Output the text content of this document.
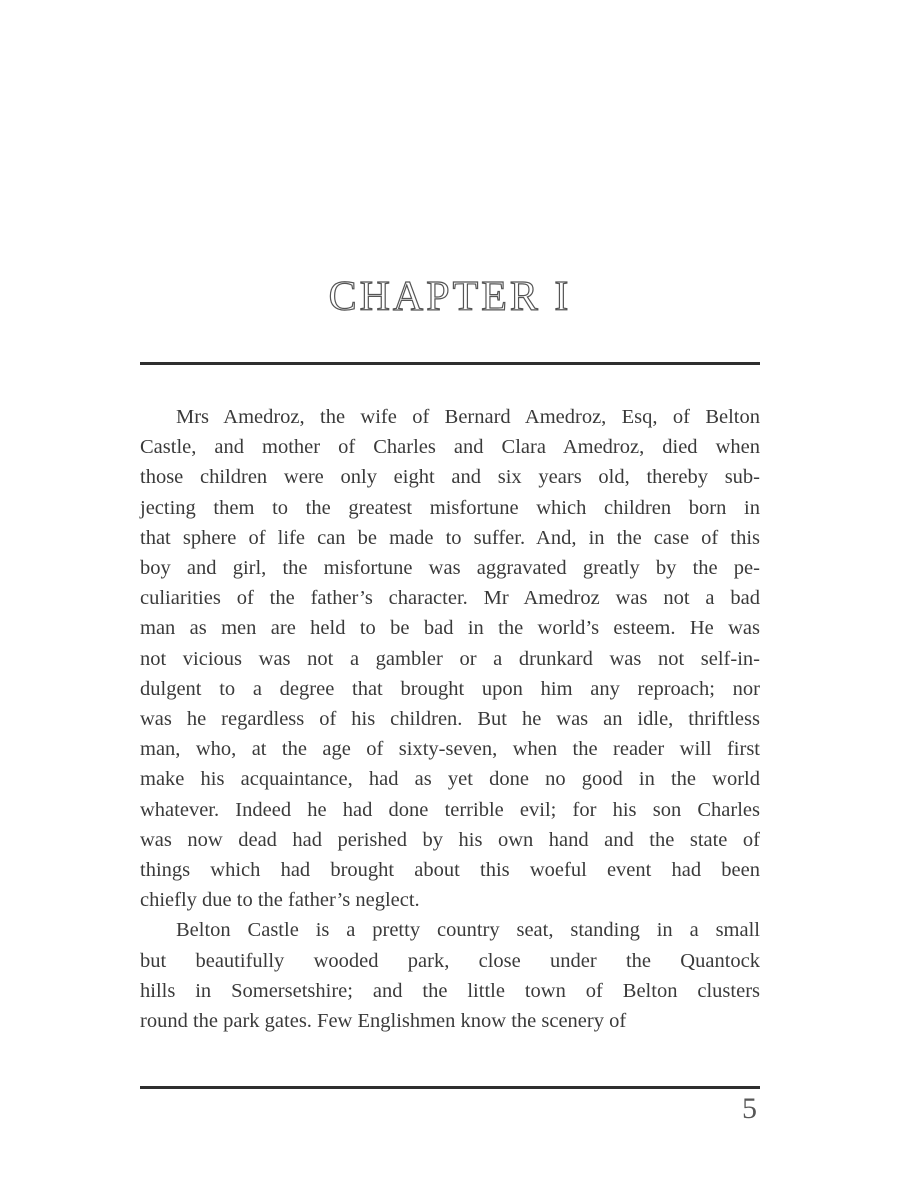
CHAPTER I
Mrs Amedroz, the wife of Bernard Amedroz, Esq, of Belton
Castle, and mother of Charles and Clara Amedroz, died when
those children were only eight and six years old, thereby sub-
jecting them to the greatest misfortune which children born in
that sphere of life can be made to suffer. And, in the case of this
boy and girl, the misfortune was aggravated greatly by the pe-
culiarities of the father’s character. Mr Amedroz was not a bad
man as men are held to be bad in the world’s esteem. He was
not vicious was not a gambler or a drunkard was not self-in-
dulgent to a degree that brought upon him any reproach; nor
was he regardless of his children. But he was an idle, thriftless
man, who, at the age of sixty-seven, when the reader will first
make his acquaintance, had as yet done no good in the world
whatever. Indeed he had done terrible evil; for his son Charles
was now dead had perished by his own hand and the state of
things which had brought about this woeful event had been
chiefly due to the father’s neglect.
Belton Castle is a pretty country seat, standing in a small
but beautifully wooded park, close under the Quantock
hills in Somersetshire; and the little town of Belton clusters
round the park gates. Few Englishmen know the scenery of
5
